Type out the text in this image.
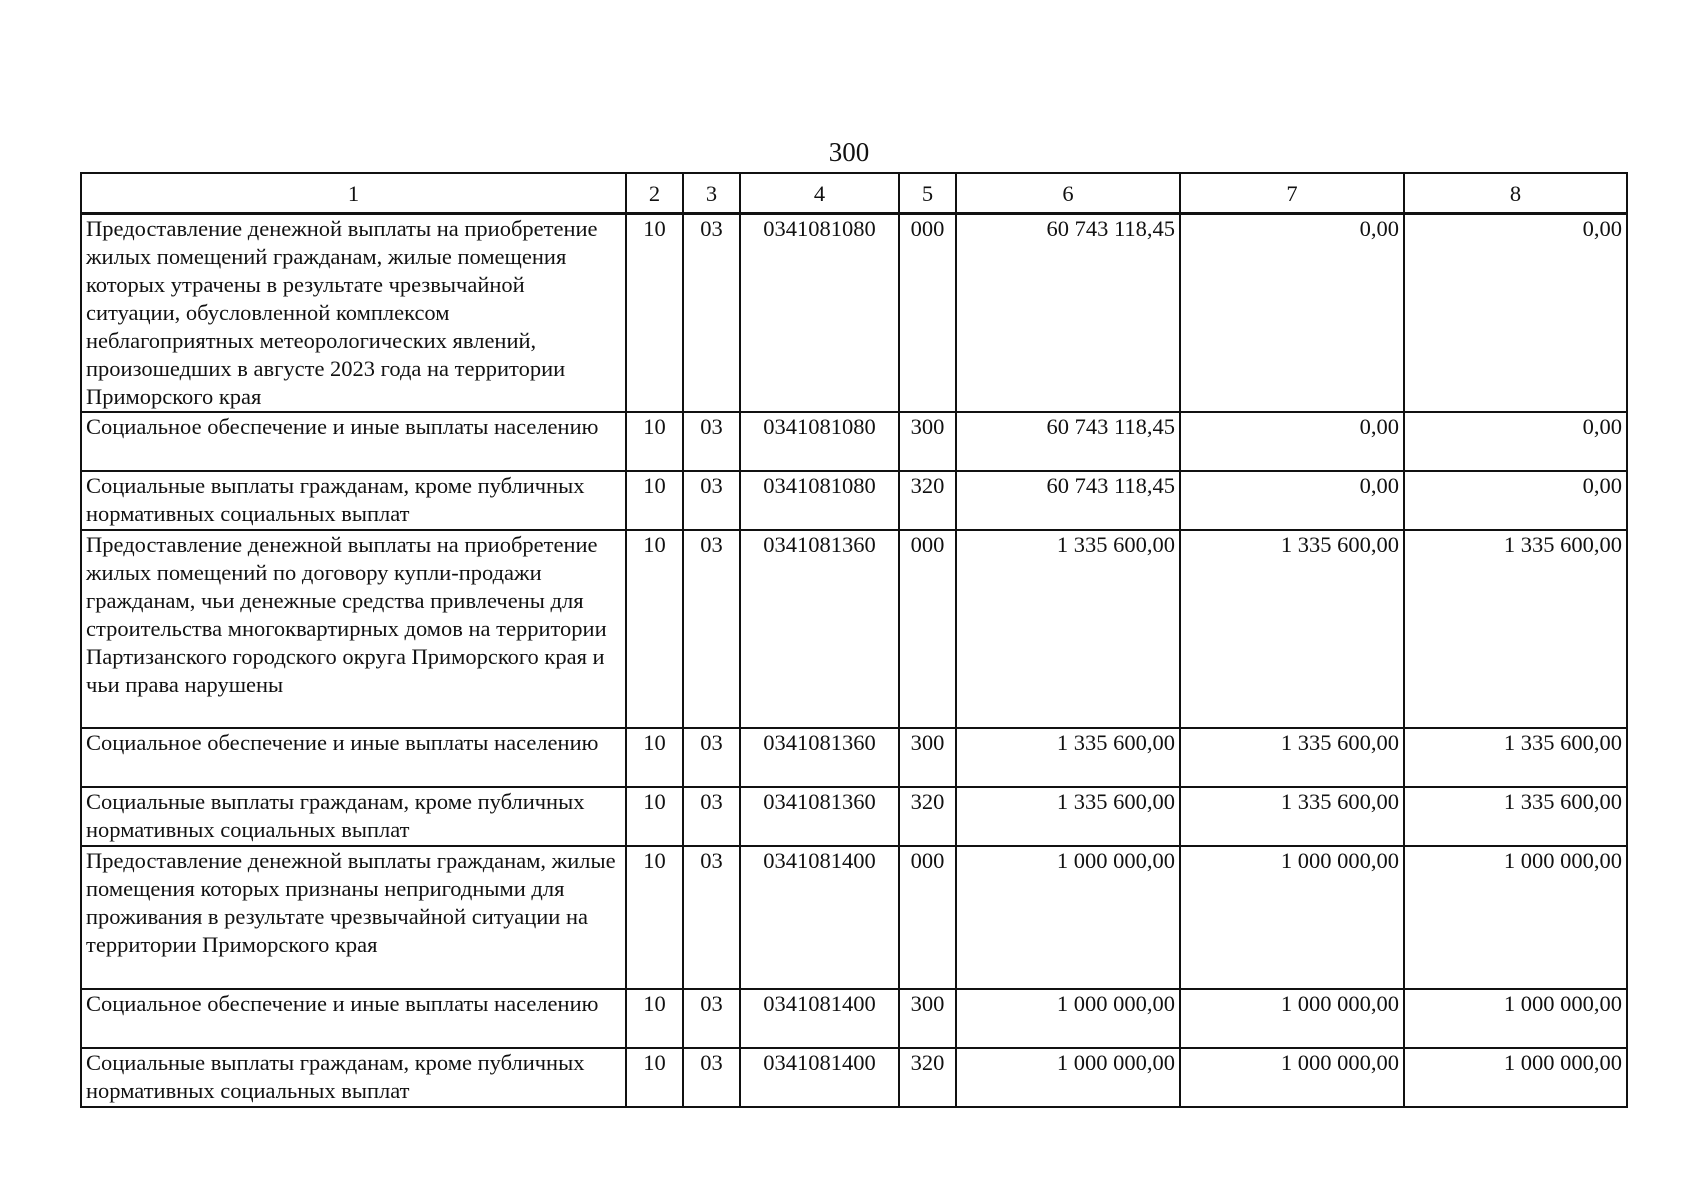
300
1	2	3	4	5	6	7	8
Предоставление денежной выплаты на приобретение жилых помещений гражданам, жилые помещения которых утрачены в результате чрезвычайной ситуации, обусловленной комплексом неблагоприятных метеорологических явлений, произошедших в августе 2023 года на территории Приморского края	10	03	0341081080	000	60 743 118,45	0,00	0,00
Социальное обеспечение и иные выплаты населению	10	03	0341081080	300	60 743 118,45	0,00	0,00
Социальные выплаты гражданам, кроме публичных нормативных социальных выплат	10	03	0341081080	320	60 743 118,45	0,00	0,00
Предоставление денежной выплаты на приобретение жилых помещений по договору купли-продажи гражданам, чьи денежные средства привлечены для строительства многоквартирных домов на территории Партизанского городского округа Приморского края и чьи права нарушены	10	03	0341081360	000	1 335 600,00	1 335 600,00	1 335 600,00
Социальное обеспечение и иные выплаты населению	10	03	0341081360	300	1 335 600,00	1 335 600,00	1 335 600,00
Социальные выплаты гражданам, кроме публичных нормативных социальных выплат	10	03	0341081360	320	1 335 600,00	1 335 600,00	1 335 600,00
Предоставление денежной выплаты гражданам, жилые помещения которых признаны непригодными для проживания в результате чрезвычайной ситуации на территории Приморского края	10	03	0341081400	000	1 000 000,00	1 000 000,00	1 000 000,00
Социальное обеспечение и иные выплаты населению	10	03	0341081400	300	1 000 000,00	1 000 000,00	1 000 000,00
Социальные выплаты гражданам, кроме публичных нормативных социальных выплат	10	03	0341081400	320	1 000 000,00	1 000 000,00	1 000 000,00
